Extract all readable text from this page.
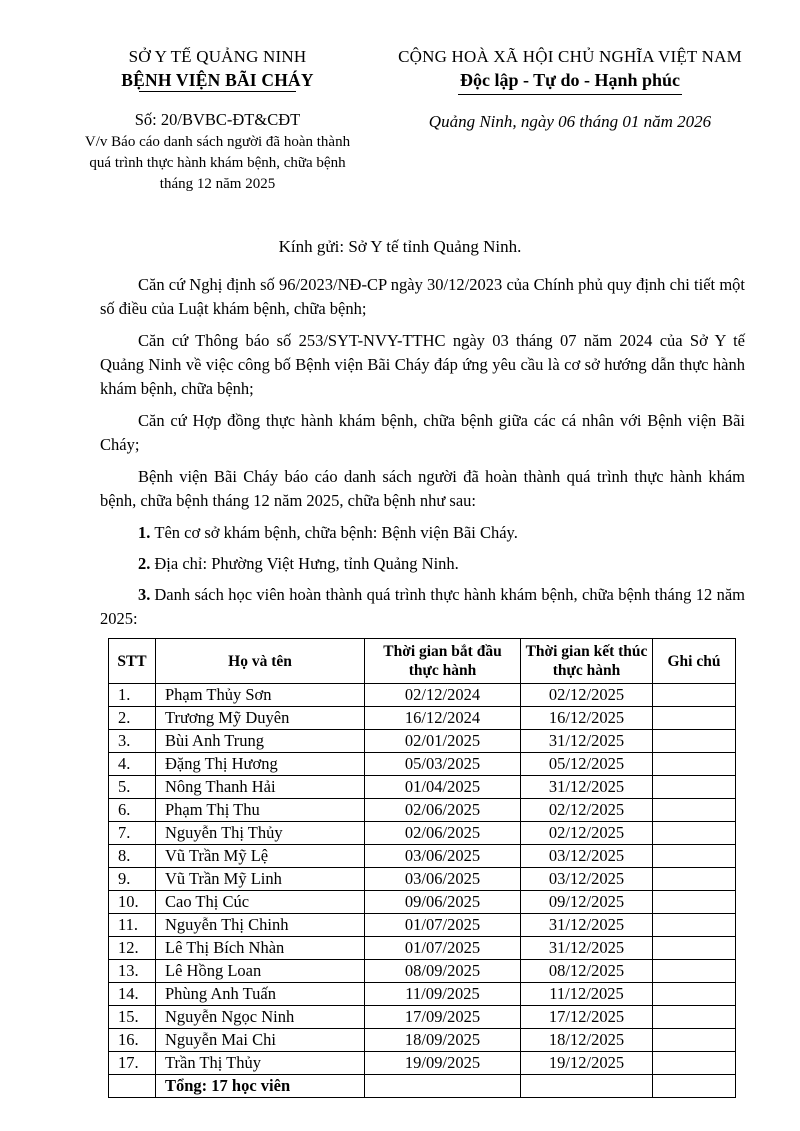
SỞ Y TẾ QUẢNG NINH
BỆNH VIỆN BÃI CHÁY
Số: 20/BVBC-ĐT&CĐT
V/v Báo cáo danh sách người đã hoàn thành quá trình thực hành khám bệnh, chữa bệnh tháng 12 năm 2025
CỘNG HOÀ XÃ HỘI CHỦ NGHĨA VIỆT NAM
Độc lập - Tự do - Hạnh phúc
Quảng Ninh, ngày 06 tháng 01 năm 2026
Kính gửi: Sở Y tế tỉnh Quảng Ninh.

Căn cứ Nghị định số 96/2023/NĐ-CP ngày 30/12/2023 của Chính phủ quy định chi tiết một số điều của Luật khám bệnh, chữa bệnh;

Căn cứ Thông báo số 253/SYT-NVY-TTHC ngày 03 tháng 07 năm 2024 của Sở Y tế Quảng Ninh về việc công bố Bệnh viện Bãi Cháy đáp ứng yêu cầu là cơ sở hướng dẫn thực hành khám bệnh, chữa bệnh;

Căn cứ Hợp đồng thực hành khám bệnh, chữa bệnh giữa các cá nhân với Bệnh viện Bãi Cháy;

Bệnh viện Bãi Cháy báo cáo danh sách người đã hoàn thành quá trình thực hành khám bệnh, chữa bệnh tháng 12 năm 2025, chữa bệnh như sau:

1. Tên cơ sở khám bệnh, chữa bệnh: Bệnh viện Bãi Cháy.
2. Địa chỉ: Phường Việt Hưng, tỉnh Quảng Ninh.
3. Danh sách học viên hoàn thành quá trình thực hành khám bệnh, chữa bệnh tháng 12 năm 2025:
STT	Họ và tên	Thời gian bắt đầu thực hành	Thời gian kết thúc thực hành	Ghi chú
1.	Phạm Thủy Sơn	02/12/2024	02/12/2025	
2.	Trương Mỹ Duyên	16/12/2024	16/12/2025	
3.	Bùi Anh Trung	02/01/2025	31/12/2025	
4.	Đặng Thị Hương	05/03/2025	05/12/2025	
5.	Nông Thanh Hải	01/04/2025	31/12/2025	
6.	Phạm Thị Thu	02/06/2025	02/12/2025	
7.	Nguyễn Thị Thủy	02/06/2025	02/12/2025	
8.	Vũ Trần Mỹ Lệ	03/06/2025	03/12/2025	
9.	Vũ Trần Mỹ Linh	03/06/2025	03/12/2025	
10.	Cao Thị Cúc	09/06/2025	09/12/2025	
11.	Nguyễn Thị Chinh	01/07/2025	31/12/2025	
12.	Lê Thị Bích Nhàn	01/07/2025	31/12/2025	
13.	Lê Hồng Loan	08/09/2025	08/12/2025	
14.	Phùng Anh Tuấn	11/09/2025	11/12/2025	
15.	Nguyễn Ngọc Ninh	17/09/2025	17/12/2025	
16.	Nguyễn Mai Chi	18/09/2025	18/12/2025	
17.	Trần Thị Thủy	19/09/2025	19/12/2025	
	Tổng: 17 học viên			
